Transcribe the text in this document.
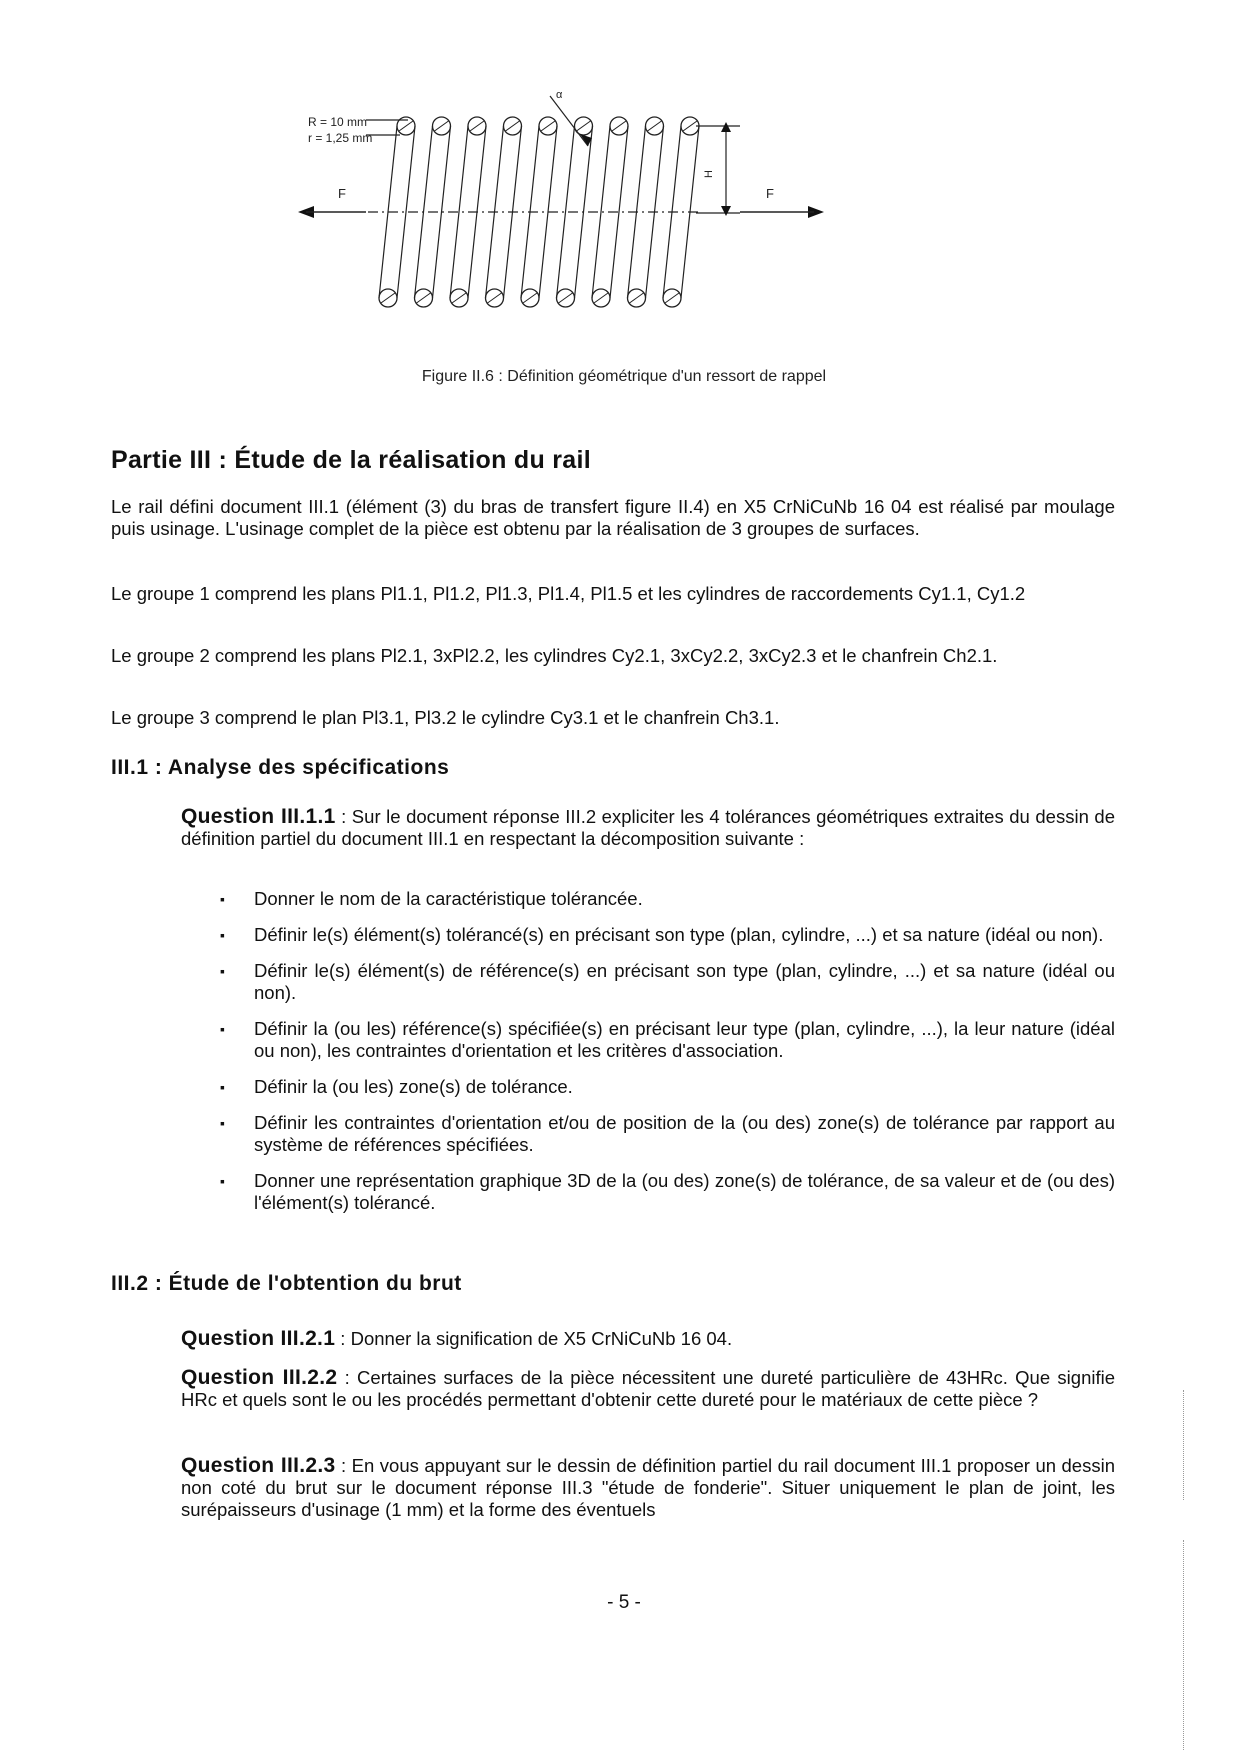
R = 10 mm
r = 1,25 mm
F	F
H
α
Figure II.6 : Définition géométrique d'un ressort de rappel
Partie III : Étude de la réalisation du rail
Le rail défini document III.1 (élément (3) du bras de transfert figure II.4) en X5 CrNiCuNb 16 04 est réalisé par moulage puis usinage. L'usinage complet de la pièce est obtenu par la réalisation de 3 groupes de surfaces.
Le groupe 1 comprend les plans Pl1.1, Pl1.2, Pl1.3, Pl1.4, Pl1.5 et les cylindres de raccordements Cy1.1, Cy1.2
Le groupe 2 comprend les plans Pl2.1, 3xPl2.2, les cylindres Cy2.1, 3xCy2.2, 3xCy2.3 et le chanfrein Ch2.1.
Le groupe 3 comprend le plan Pl3.1, Pl3.2 le cylindre Cy3.1 et le chanfrein Ch3.1.
III.1 : Analyse des spécifications
Question III.1.1 : Sur le document réponse III.2 expliciter les 4 tolérances géométriques extraites du dessin de définition partiel du document III.1 en respectant la décomposition suivante :
▪ Donner le nom de la caractéristique tolérancée.
▪ Définir le(s) élément(s) tolérancé(s) en précisant son type (plan, cylindre, ...) et sa nature (idéal ou non).
▪ Définir le(s) élément(s) de référence(s) en précisant son type (plan, cylindre, ...) et sa nature (idéal ou non).
▪ Définir la (ou les) référence(s) spécifiée(s) en précisant leur type (plan, cylindre, ...), la leur nature (idéal ou non), les contraintes d'orientation et les critères d'association.
▪ Définir la (ou les) zone(s) de tolérance.
▪ Définir les contraintes d'orientation et/ou de position de la (ou des) zone(s) de tolérance par rapport au système de références spécifiées.
▪ Donner une représentation graphique 3D de la (ou des) zone(s) de tolérance, de sa valeur et de (ou des) l'élément(s) tolérancé.
III.2 : Étude de l'obtention du brut
Question III.2.1 : Donner la signification de X5 CrNiCuNb 16 04.
Question III.2.2 : Certaines surfaces de la pièce nécessitent une dureté particulière de 43HRc. Que signifie HRc et quels sont le ou les procédés permettant d'obtenir cette dureté pour le matériaux de cette pièce ?
Question III.2.3 : En vous appuyant sur le dessin de définition partiel du rail document III.1 proposer un dessin non coté du brut sur le document réponse III.3 "étude de fonderie". Situer uniquement le plan de joint, les surépaisseurs d'usinage (1 mm) et la forme des éventuels
- 5 -
